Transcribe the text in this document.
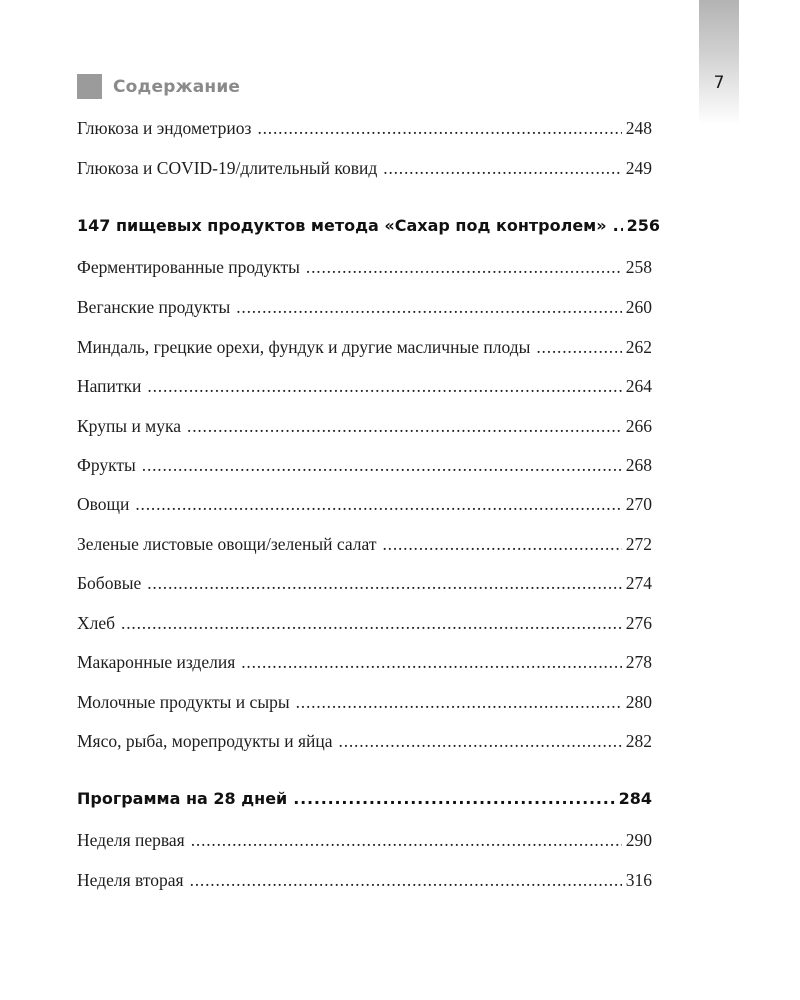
7
Содержание
Глюкоза и эндометриоз .....	248
Глюкоза и COVID-19/длительный ковид .....	249
147 пищевых продуктов метода «Сахар под контролем» .....	256
Ферментированные продукты .....	258
Веганские продукты .....	260
Миндаль, грецкие орехи, фундук и другие масличные плоды .....	262
Напитки .....	264
Крупы и мука .....	266
Фрукты .....	268
Овощи .....	270
Зеленые листовые овощи/зеленый салат .....	272
Бобовые .....	274
Хлеб .....	276
Макаронные изделия .....	278
Молочные продукты и сыры .....	280
Мясо, рыба, морепродукты и яйца .....	282
Программа на 28 дней .....	284
Неделя первая .....	290
Неделя вторая .....	316
